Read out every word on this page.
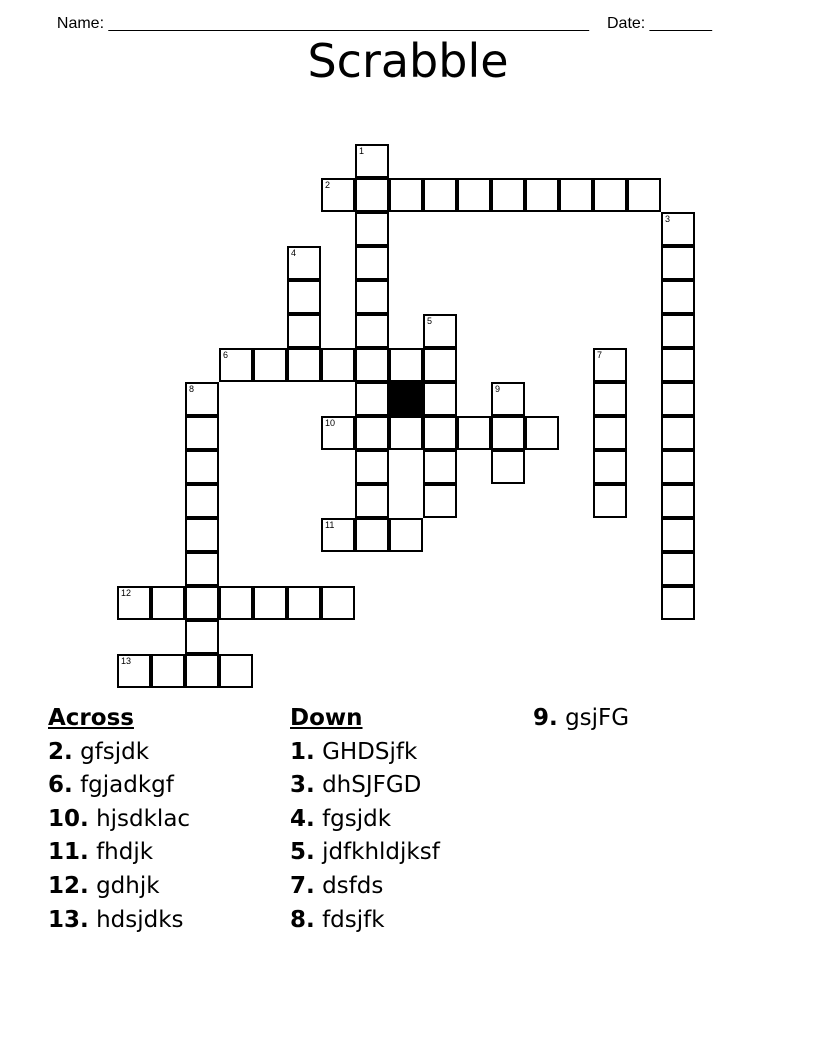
Name: ______________________________________________________ Date: _______

Scrabble
1
2
3
4
5
6	7
8	9
10
11
12
13
Across
2. gfsjdk
6. fgjadkgf
10. hjsdklac
11. fhdjk
12. gdhjk
13. hdsjdks
Down
1. GHDSjfk
3. dhSJFGD
4. fgsjdk
5. jdfkhldjksf
7. dsfds
8. fdsjfk
9. gsjFG
